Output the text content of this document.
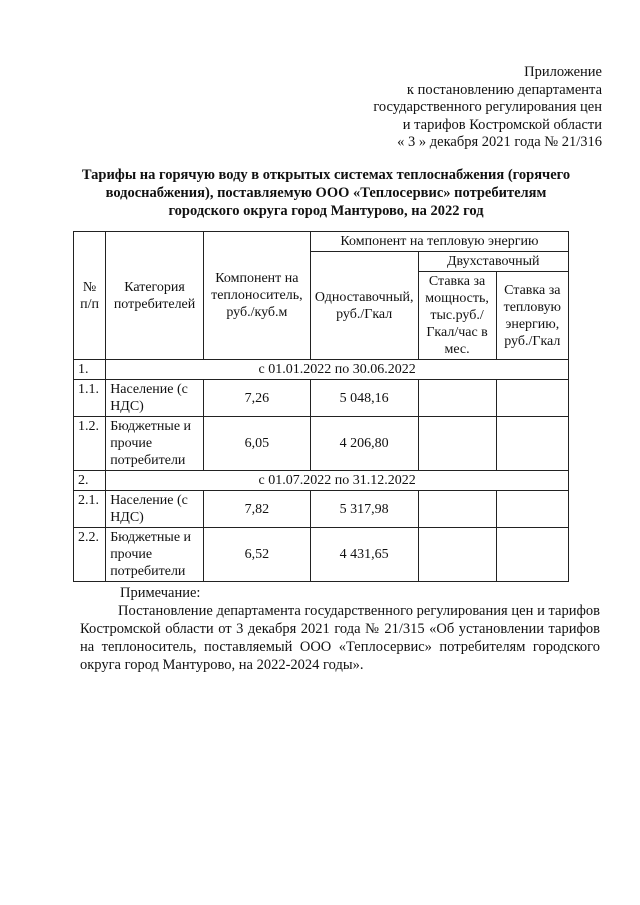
Приложение
к постановлению департамента
государственного регулирования цен
и тарифов Костромской области
« 3 » декабря 2021 года № 21/316
Тарифы на горячую воду в открытых системах теплоснабжения (горячего водоснабжения), поставляемую ООО «Теплосервис» потребителям городского округа город Мантурово, на 2022 год
№ п/п	Категория потребителей	Компонент на теплоноситель, руб./куб.м	Компонент на тепловую энергию		
			Одноставочный, руб./Гкал	Двухставочный	
				Ставка за мощность, тыс.руб./Гкал/час в мес.	Ставка за тепловую энергию, руб./Гкал
1.	с 01.01.2022 по 30.06.2022				
1.1.	Население (с НДС)	7,26	5 048,16		
1.2.	Бюджетные и прочие потребители	6,05	4 206,80		
2.	с 01.07.2022 по 31.12.2022				
2.1.	Население (с НДС)	7,82	5 317,98		
2.2.	Бюджетные и прочие потребители	6,52	4 431,65		
Примечание:
Постановление департамента государственного регулирования цен и тарифов Костромской области от 3 декабря 2021 года № 21/315 «Об установлении тарифов на теплоноситель, поставляемый ООО «Теплосервис» потребителям городского округа город Мантурово, на 2022-2024 годы».
